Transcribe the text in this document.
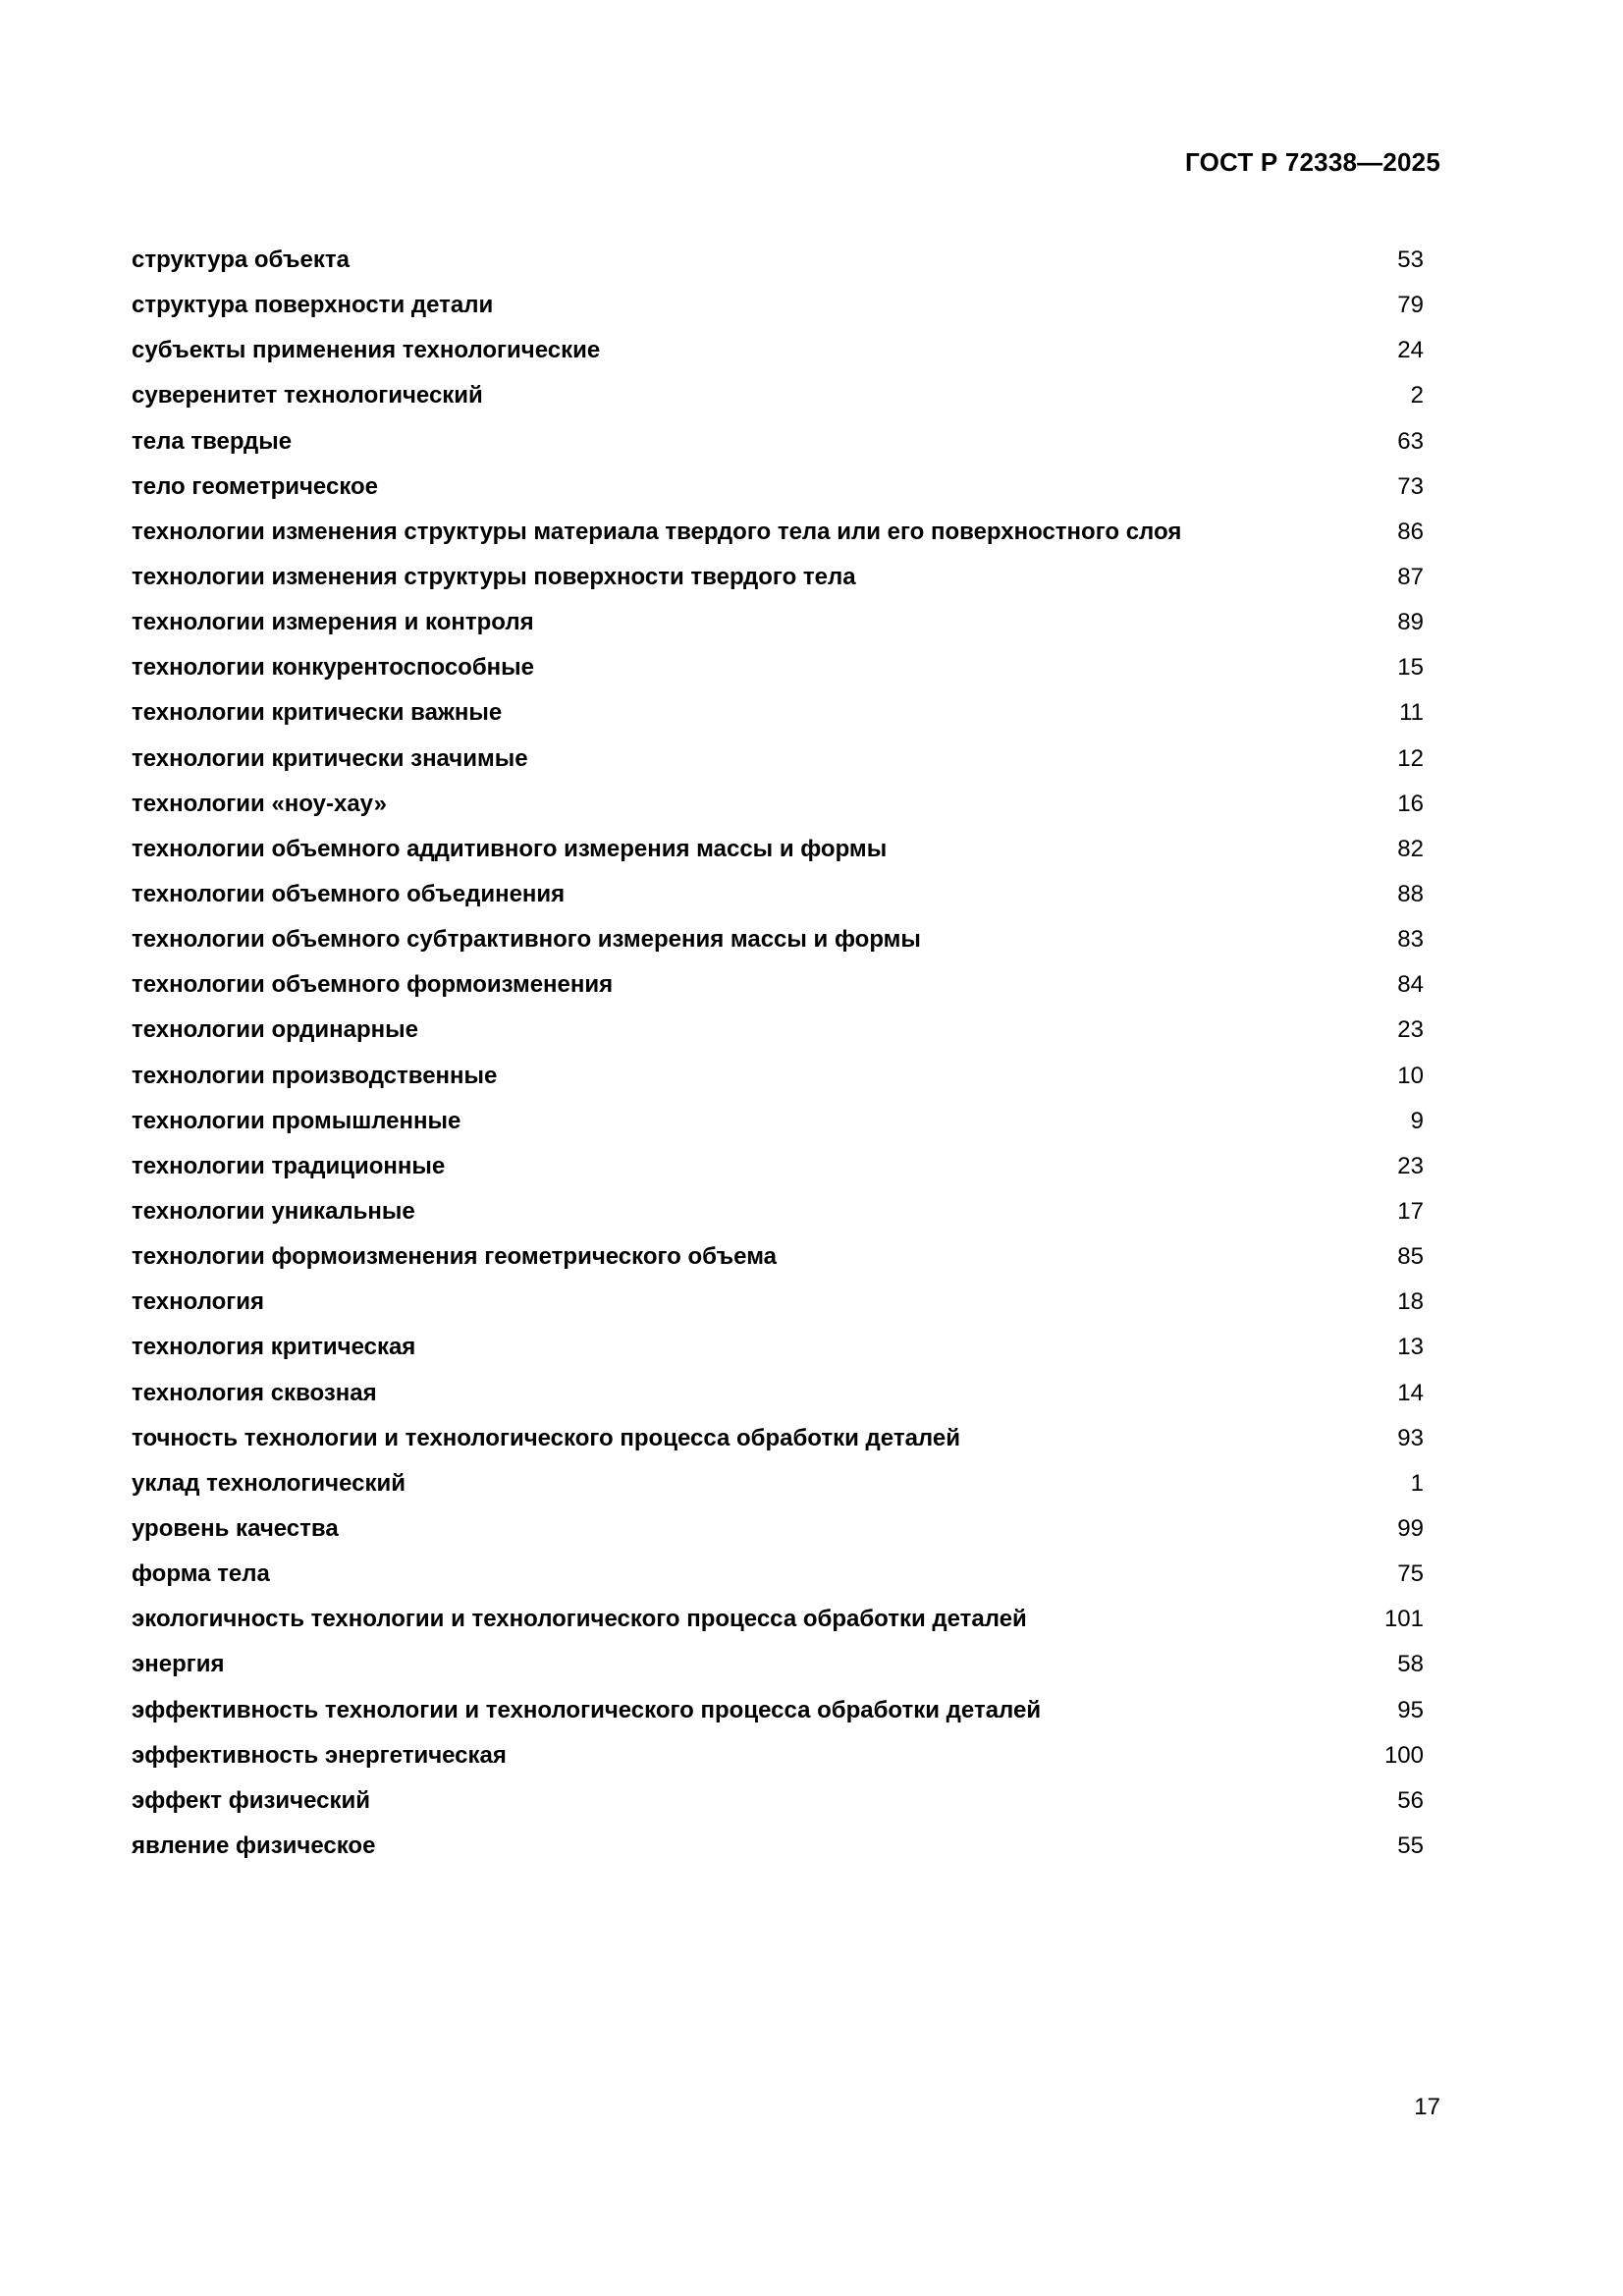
ГОСТ Р 72338—2025
структура объекта	53
структура поверхности детали	79
субъекты применения технологические	24
суверенитет технологический	2
тела твердые	63
тело геометрическое	73
технологии изменения структуры материала твердого тела или его поверхностного слоя	86
технологии изменения структуры поверхности твердого тела	87
технологии измерения и контроля	89
технологии конкурентоспособные	15
технологии критически важные	11
технологии критически значимые	12
технологии «ноу-хау»	16
технологии объемного аддитивного измерения массы и формы	82
технологии объемного объединения	88
технологии объемного субтрактивного измерения массы и формы	83
технологии объемного формоизменения	84
технологии ординарные	23
технологии производственные	10
технологии промышленные	9
технологии традиционные	23
технологии уникальные	17
технологии формоизменения геометрического объема	85
технология	18
технология критическая	13
технология сквозная	14
точность технологии и технологического процесса обработки деталей	93
уклад технологический	1
уровень качества	99
форма тела	75
экологичность технологии и технологического процесса обработки деталей	101
энергия	58
эффективность технологии и технологического процесса обработки деталей	95
эффективность энергетическая	100
эффект физический	56
явление физическое	55
17
